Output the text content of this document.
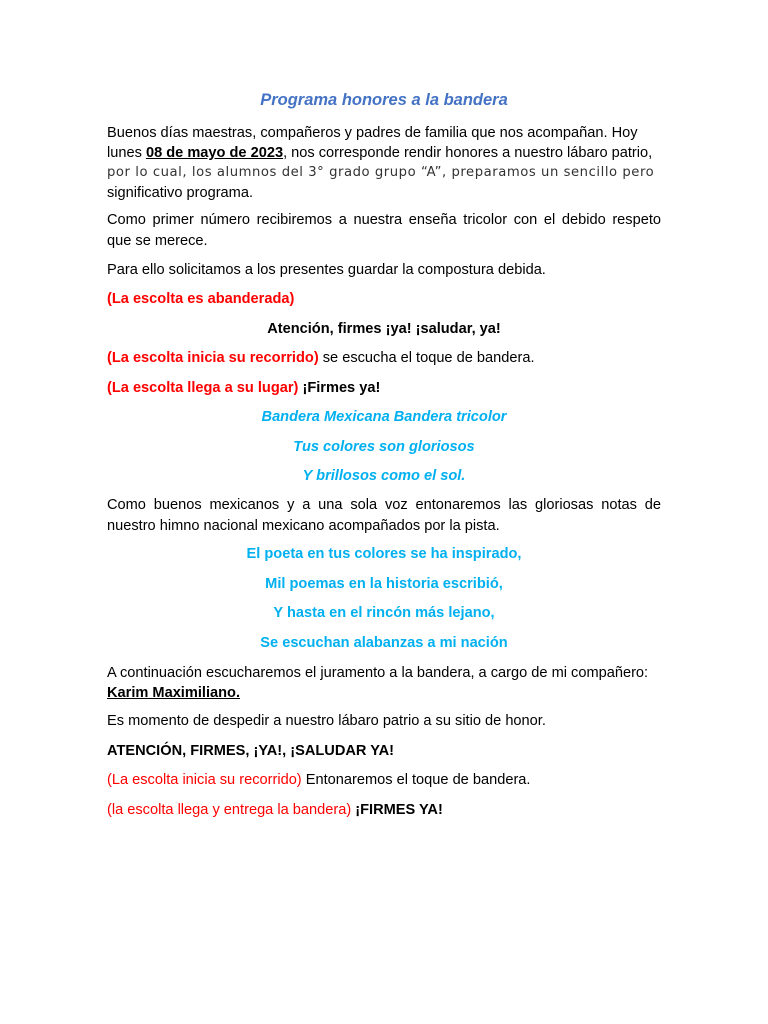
Programa honores a la bandera
Buenos días maestras, compañeros y padres de familia que nos acompañan. Hoy
lunes 08 de mayo de 2023, nos corresponde rendir honores a nuestro lábaro patrio,
por lo cual, los alumnos del 3° grado grupo “A”, preparamos un sencillo pero
significativo programa.
Como primer número recibiremos a nuestra enseña tricolor con el debido respeto que se merece.
Para ello solicitamos a los presentes guardar la compostura debida.
(La escolta es abanderada)
Atención, firmes ¡ya! ¡saludar, ya!
(La escolta inicia su recorrido) se escucha el toque de bandera.
(La escolta llega a su lugar) ¡Firmes ya!
Bandera Mexicana Bandera tricolor
Tus colores son gloriosos
Y brillosos como el sol.
Como buenos mexicanos y a una sola voz entonaremos las gloriosas notas de nuestro himno nacional mexicano acompañados por la pista.
El poeta en tus colores se ha inspirado,
Mil poemas en la historia escribió,
Y hasta en el rincón más lejano,
Se escuchan alabanzas a mi nación
A continuación escucharemos el juramento a la bandera, a cargo de mi compañero:
Karim Maximiliano.
Es momento de despedir a nuestro lábaro patrio a su sitio de honor.
ATENCIÓN, FIRMES, ¡YA!, ¡SALUDAR YA!
(La escolta inicia su recorrido) Entonaremos el toque de bandera.
(la escolta llega y entrega la bandera) ¡FIRMES YA!
